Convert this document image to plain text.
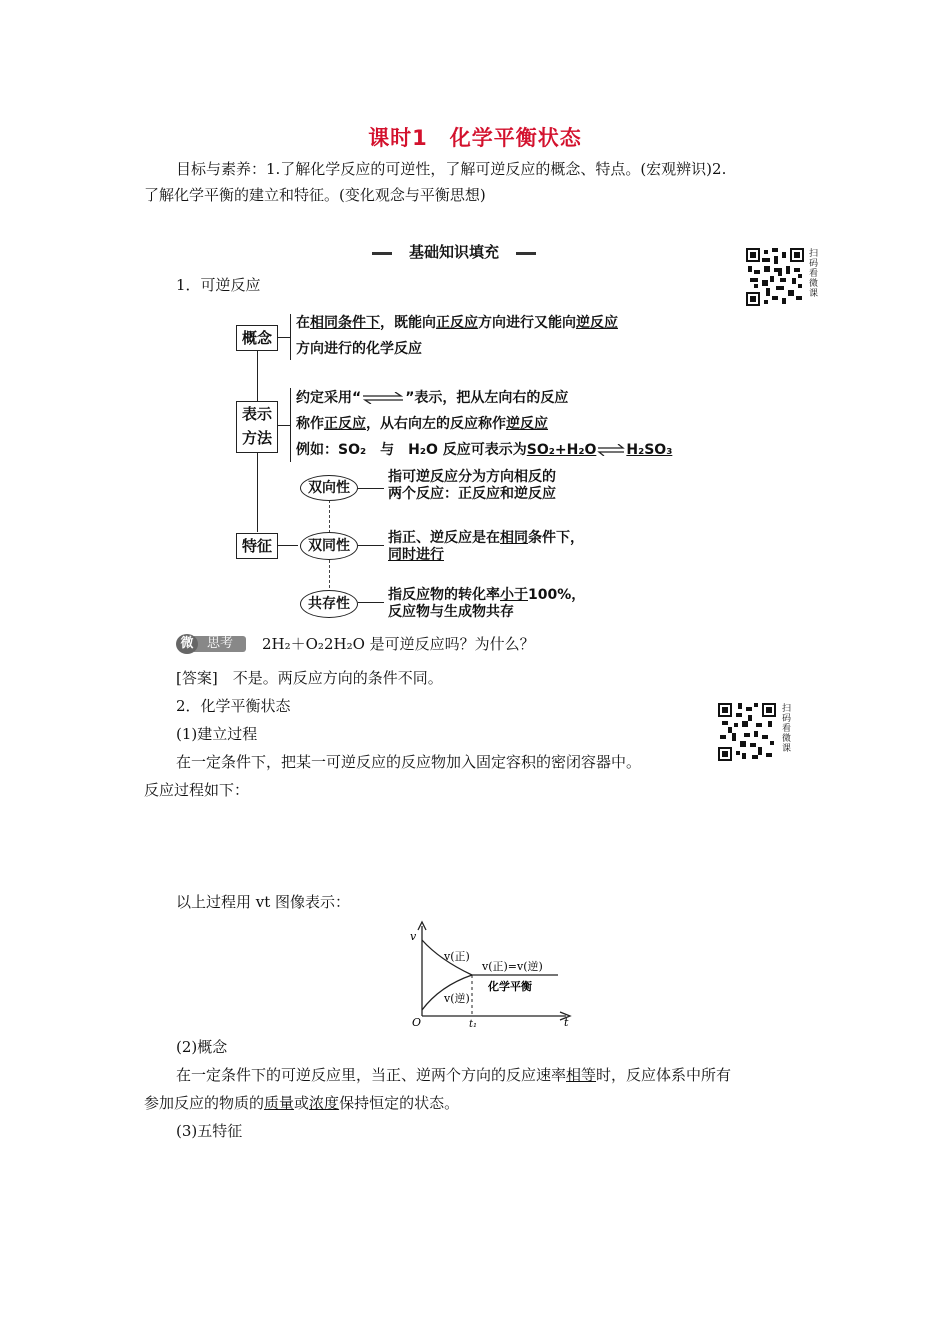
课时1　化学平衡状态
目标与素养：1.了解化学反应的可逆性，了解可逆反应的概念、特点。(宏观辨识)2.
了解化学平衡的建立和特征。(变化观念与平衡思想)
基础知识填充	扫码看微课
1．可逆反应
概念
在相同条件下，既能向正反应方向进行又能向逆反应
方向进行的化学反应
表示
方法
约定采用“⇌”表示，把从左向右的反应
称作正反应，从右向左的反应称作逆反应
例如：SO₂　与　H₂O 反应可表示为SO₂+H₂O⇌H₂SO₃
特征
双向性
指可逆反应分为方向相反的
两个反应：正反应和逆反应
双同性	指正、逆反应是在相同条件下，
同时进行
共存性
指反应物的转化率小于100%，
反应物与生成物共存
思考
微	2H₂＋O₂2H₂O 是可逆反应吗？为什么？
[答案]　不是。两反应方向的条件不同。
2．化学平衡状态
(1)建立过程
在一定条件下，把某一可逆反应的反应物加入固定容积的密闭容器中。
反应过程如下：
扫码看微课
以上过程用 vt 图像表示：
v
O	t
t₁
v(正)
v(逆)
v(正)=v(逆)
化学平衡
(2)概念
在一定条件下的可逆反应里，当正、逆两个方向的反应速率相等时，反应体系中所有
参加反应的物质的质量或浓度保持恒定的状态。
(3)五特征
